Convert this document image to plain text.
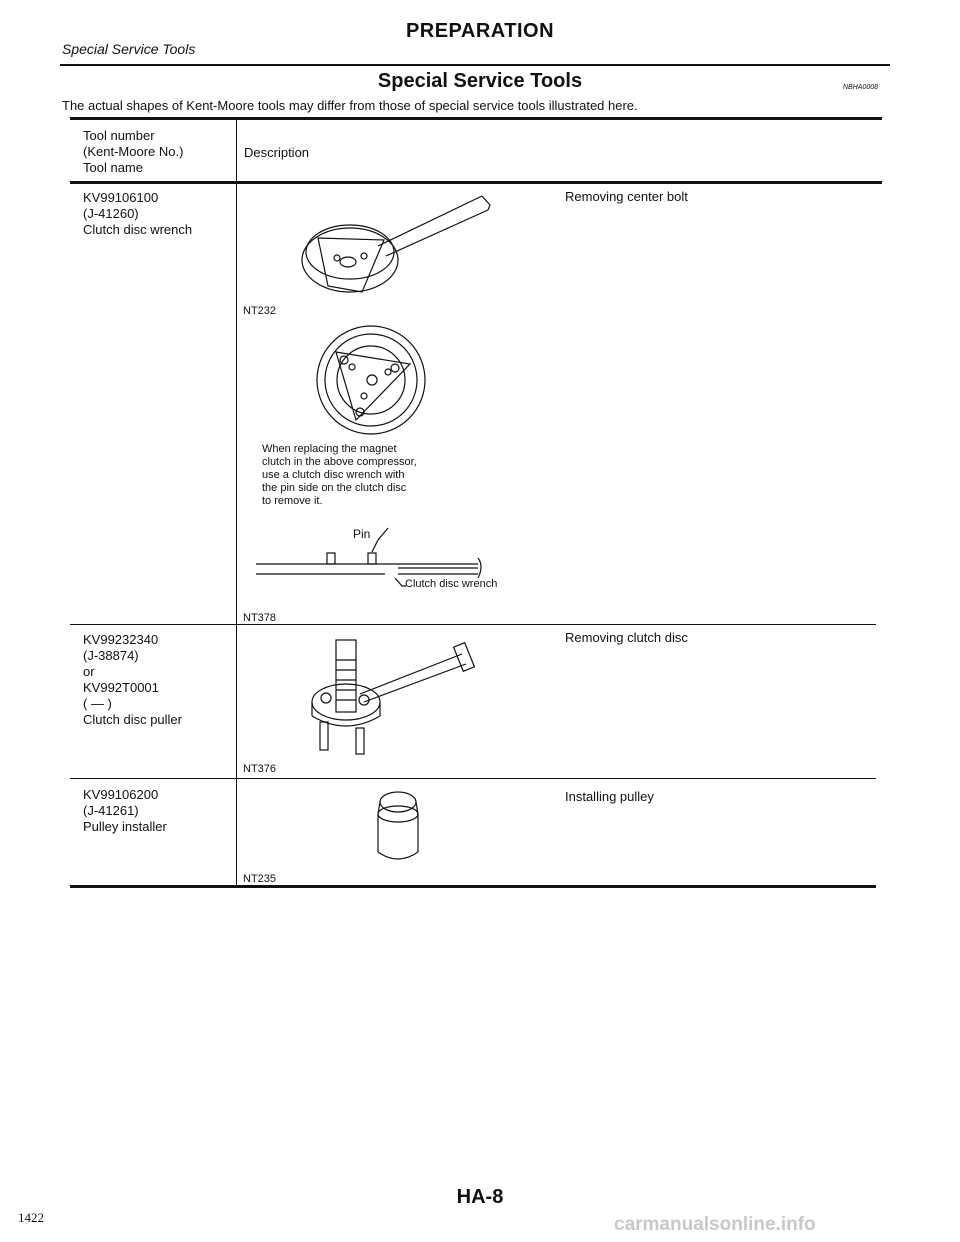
Special Service Tools
PREPARATION
Special Service Tools	NBHA0008
The actual shapes of Kent-Moore tools may differ from those of special service tools illustrated here.
Tool number
(Kent-Moore No.)
Tool name
Description
KV99106100
(J-41260)
Clutch disc wrench
Removing center bolt
NT232
When replacing the magnet
clutch in the above compressor,
use a clutch disc wrench with
the pin side on the clutch disc
to remove it.
Pin
Clutch disc wrench
NT378
KV99232340
(J-38874)
or
KV992T0001
( — )
Clutch disc puller
Removing clutch disc
NT376
KV99106200
(J-41261)
Pulley installer
Installing pulley
NT235
HA-8
1422	carmanualsonline.info
